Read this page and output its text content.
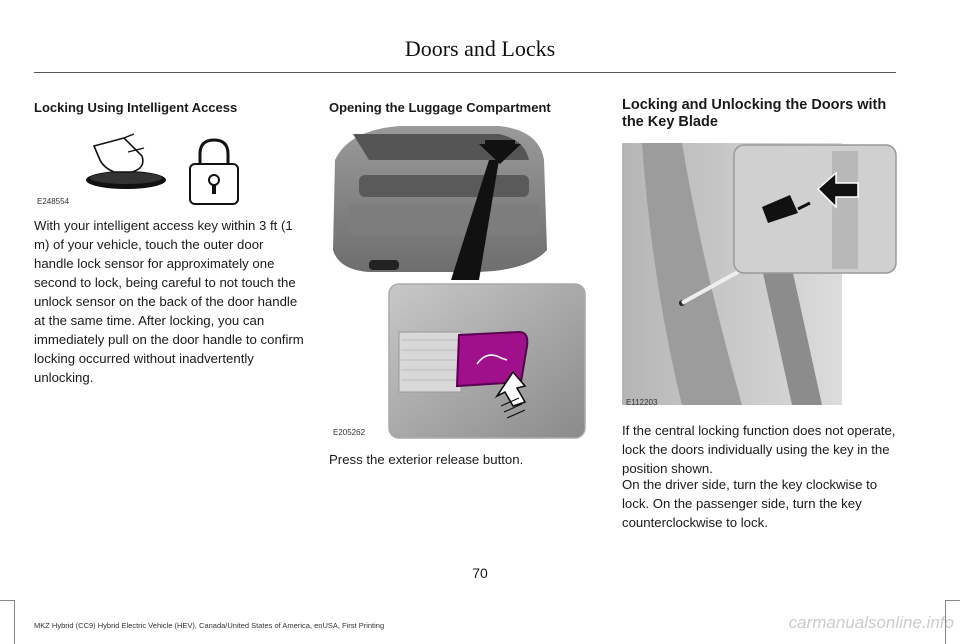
Doors and Locks
Locking Using Intelligent Access
E248554

With your intelligent access key within 3 ft (1 m) of your vehicle, touch the outer door handle lock sensor for approximately one second to lock, being careful to not touch the unlock sensor on the back of the door handle at the same time. After locking, you can immediately pull on the door handle to confirm locking occurred without inadvertently unlocking.

Opening the Luggage Compartment
E205262

Press the exterior release button.

Locking and Unlocking the Doors with the Key Blade
E112203

If the central locking function does not operate, lock the doors individually using the key in the position shown.

On the driver side, turn the key clockwise to lock. On the passenger side, turn the key counterclockwise to lock.

70
MKZ Hybrid (CC9) Hybrid Electric Vehicle (HEV), Canada/United States of America, enUSA, First Printing	carmanualsonline.info
